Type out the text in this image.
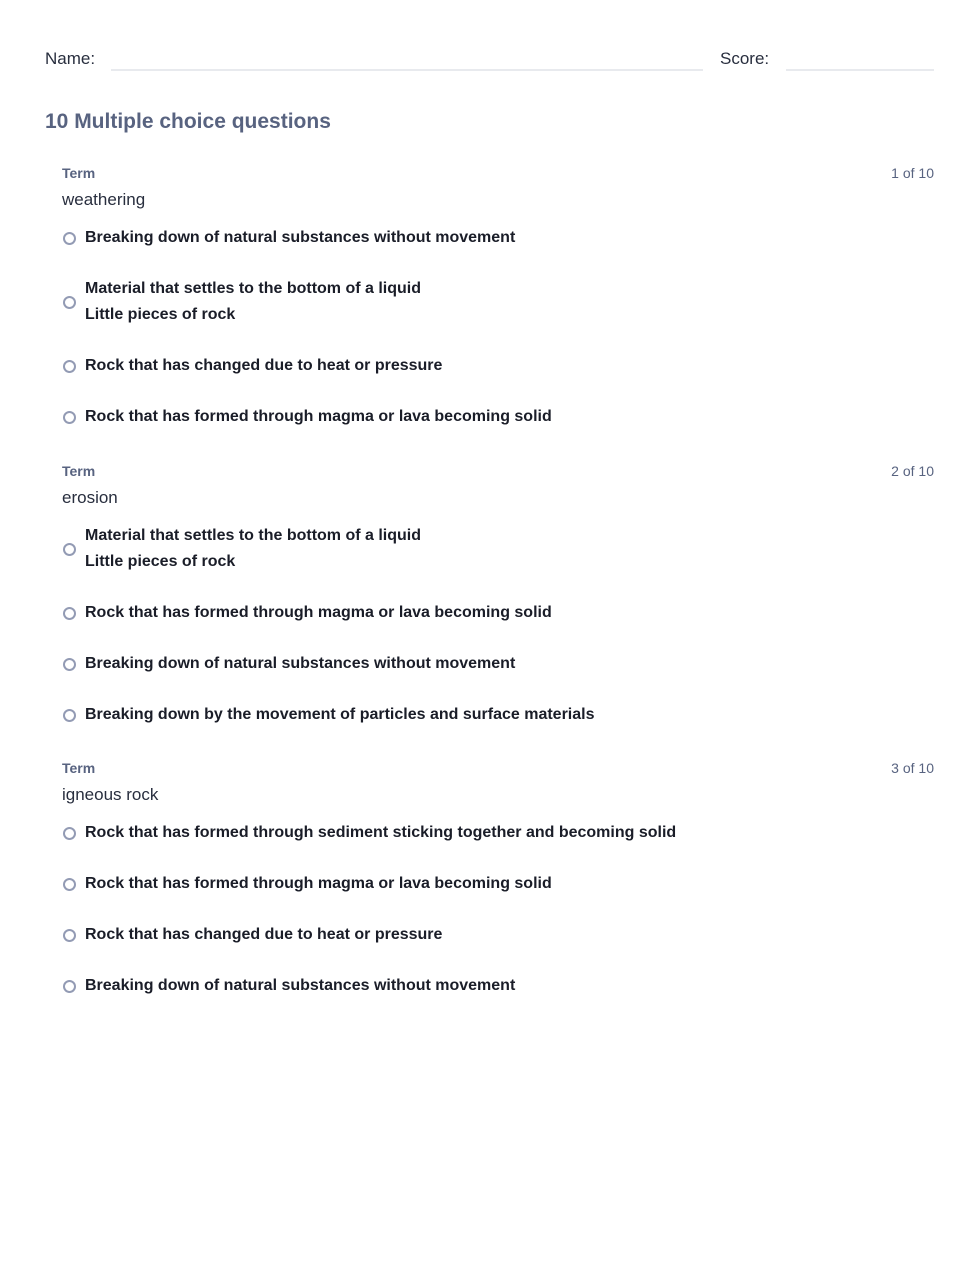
Name:	Score:
10 Multiple choice questions
Term	1 of 10
weathering
Breaking down of natural substances without movement
Material that settles to the bottom of a liquid
Little pieces of rock
Rock that has changed due to heat or pressure
Rock that has formed through magma or lava becoming solid
Term	2 of 10
erosion
Material that settles to the bottom of a liquid
Little pieces of rock
Rock that has formed through magma or lava becoming solid
Breaking down of natural substances without movement
Breaking down by the movement of particles and surface materials
Term	3 of 10
igneous rock
Rock that has formed through sediment sticking together and becoming solid
Rock that has formed through magma or lava becoming solid
Rock that has changed due to heat or pressure
Breaking down of natural substances without movement
